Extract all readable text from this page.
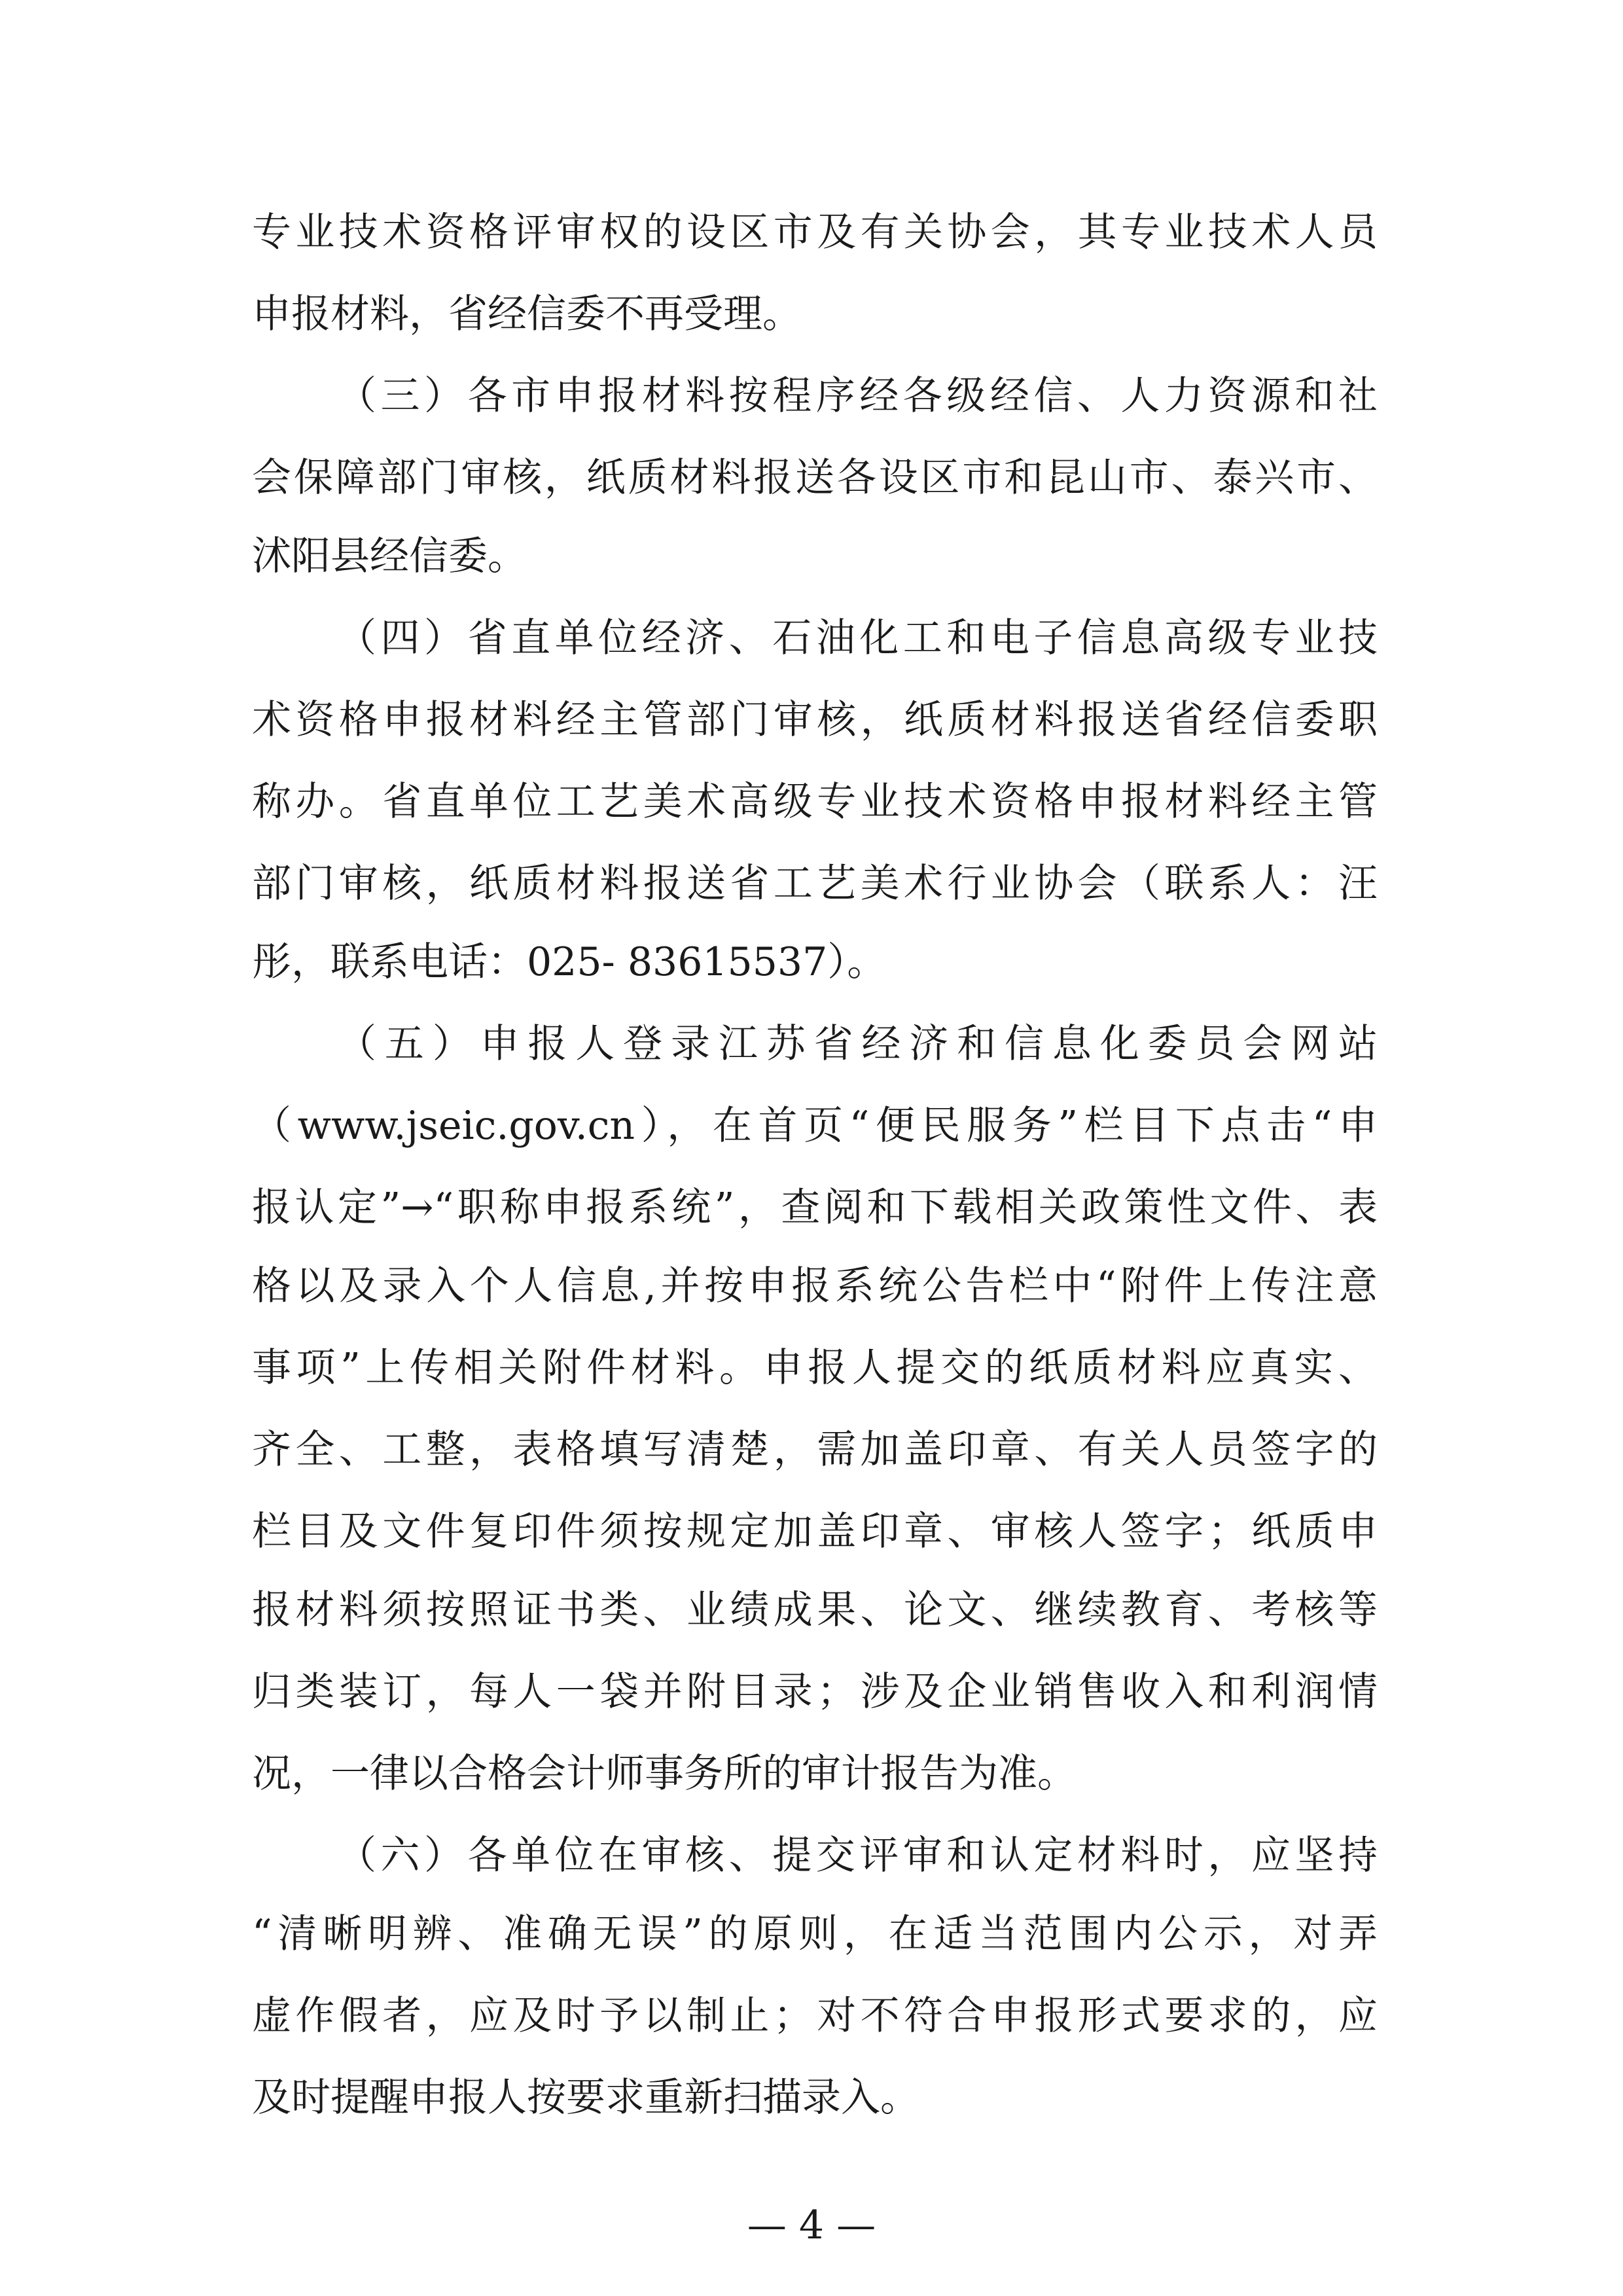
专业技术资格评审权的设区市及有关协会，其专业技术人员
申报材料，省经信委不再受理。
（三）各市申报材料按程序经各级经信、人力资源和社
会保障部门审核，纸质材料报送各设区市和昆山市、泰兴市、
沭阳县经信委。
（四）省直单位经济、石油化工和电子信息高级专业技
术资格申报材料经主管部门审核，纸质材料报送省经信委职
称办。省直单位工艺美术高级专业技术资格申报材料经主管
部门审核，纸质材料报送省工艺美术行业协会（联系人：汪
彤，联系电话：025- 83615537）。
（五）申报人登录江苏省经济和信息化委员会网站
（www.jseic.gov.cn），在首页“便民服务”栏目下点击“申
报认定”→“职称申报系统”，查阅和下载相关政策性文件、表
格以及录入个人信息,并按申报系统公告栏中“附件上传注意
事项”上传相关附件材料。申报人提交的纸质材料应真实、
齐全、工整，表格填写清楚，需加盖印章、有关人员签字的
栏目及文件复印件须按规定加盖印章、审核人签字；纸质申
报材料须按照证书类、业绩成果、论文、继续教育、考核等
归类装订，每人一袋并附目录；涉及企业销售收入和利润情
况，一律以合格会计师事务所的审计报告为准。
（六）各单位在审核、提交评审和认定材料时，应坚持
“清晰明辨、准确无误”的原则，在适当范围内公示，对弄
虚作假者，应及时予以制止；对不符合申报形式要求的，应
及时提醒申报人按要求重新扫描录入。
— 4 —
